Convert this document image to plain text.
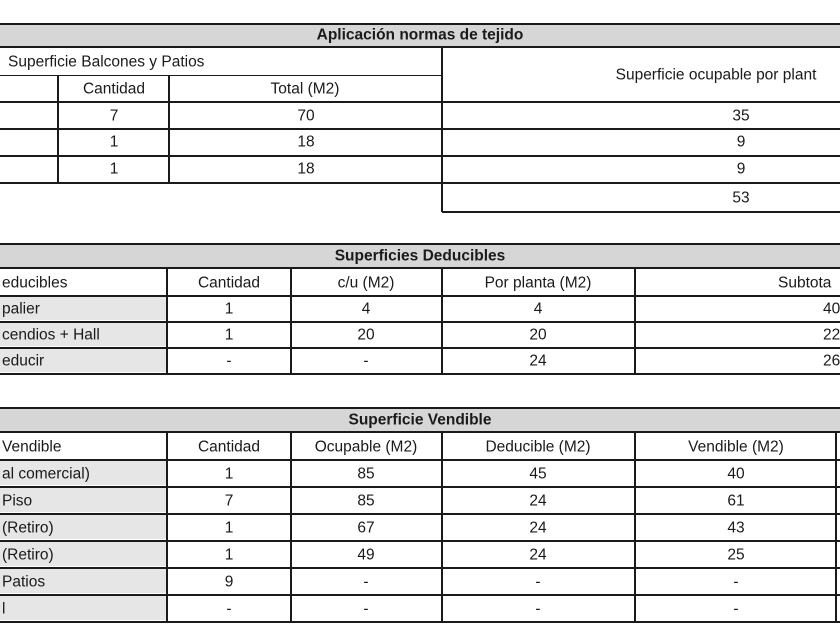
Aplicación normas de tejido
Superficie Balcones y Patios
Cantidad	Total (M2)
Superficie ocupable por plant
7	70	35
1	18	9
1	18	9
53
Superficies Deducibles
educibles	Cantidad	c/u (M2)	Por planta (M2)	Subtota
palier	1	4	4	40
cendios + Hall	1	20	20	22
educir	-	-	24	26
Superficie Vendible
Vendible	Cantidad	Ocupable (M2)	Deducible (M2)	Vendible (M2)
al comercial)	1	85	45	40
Piso	7	85	24	61
(Retiro)	1	67	24	43
(Retiro)	1	49	24	25
Patios	9	-	-	-
l	-	-	-	-
